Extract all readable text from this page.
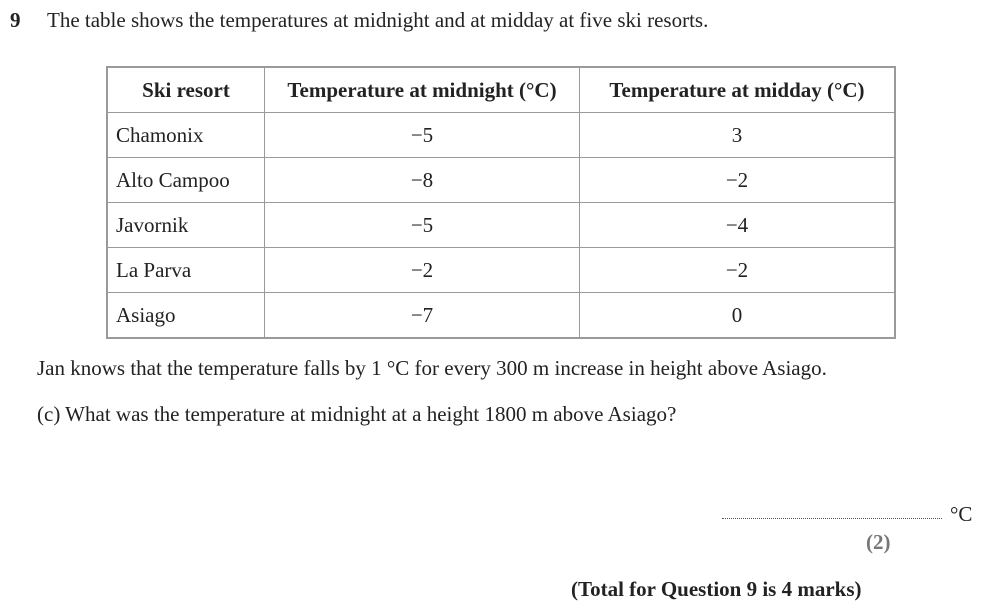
9 The table shows the temperatures at midnight and at midday at five ski resorts.
Ski resort	Temperature at midnight (°C)	Temperature at midday (°C)
Chamonix	−5	3
Alto Campoo	−8	−2
Javornik	−5	−4
La Parva	−2	−2
Asiago	−7	0
Jan knows that the temperature falls by 1 °C for every 300 m increase in height above Asiago.
(c) What was the temperature at midnight at a height 1800 m above Asiago?
°C
(2)
(Total for Question 9 is 4 marks)
